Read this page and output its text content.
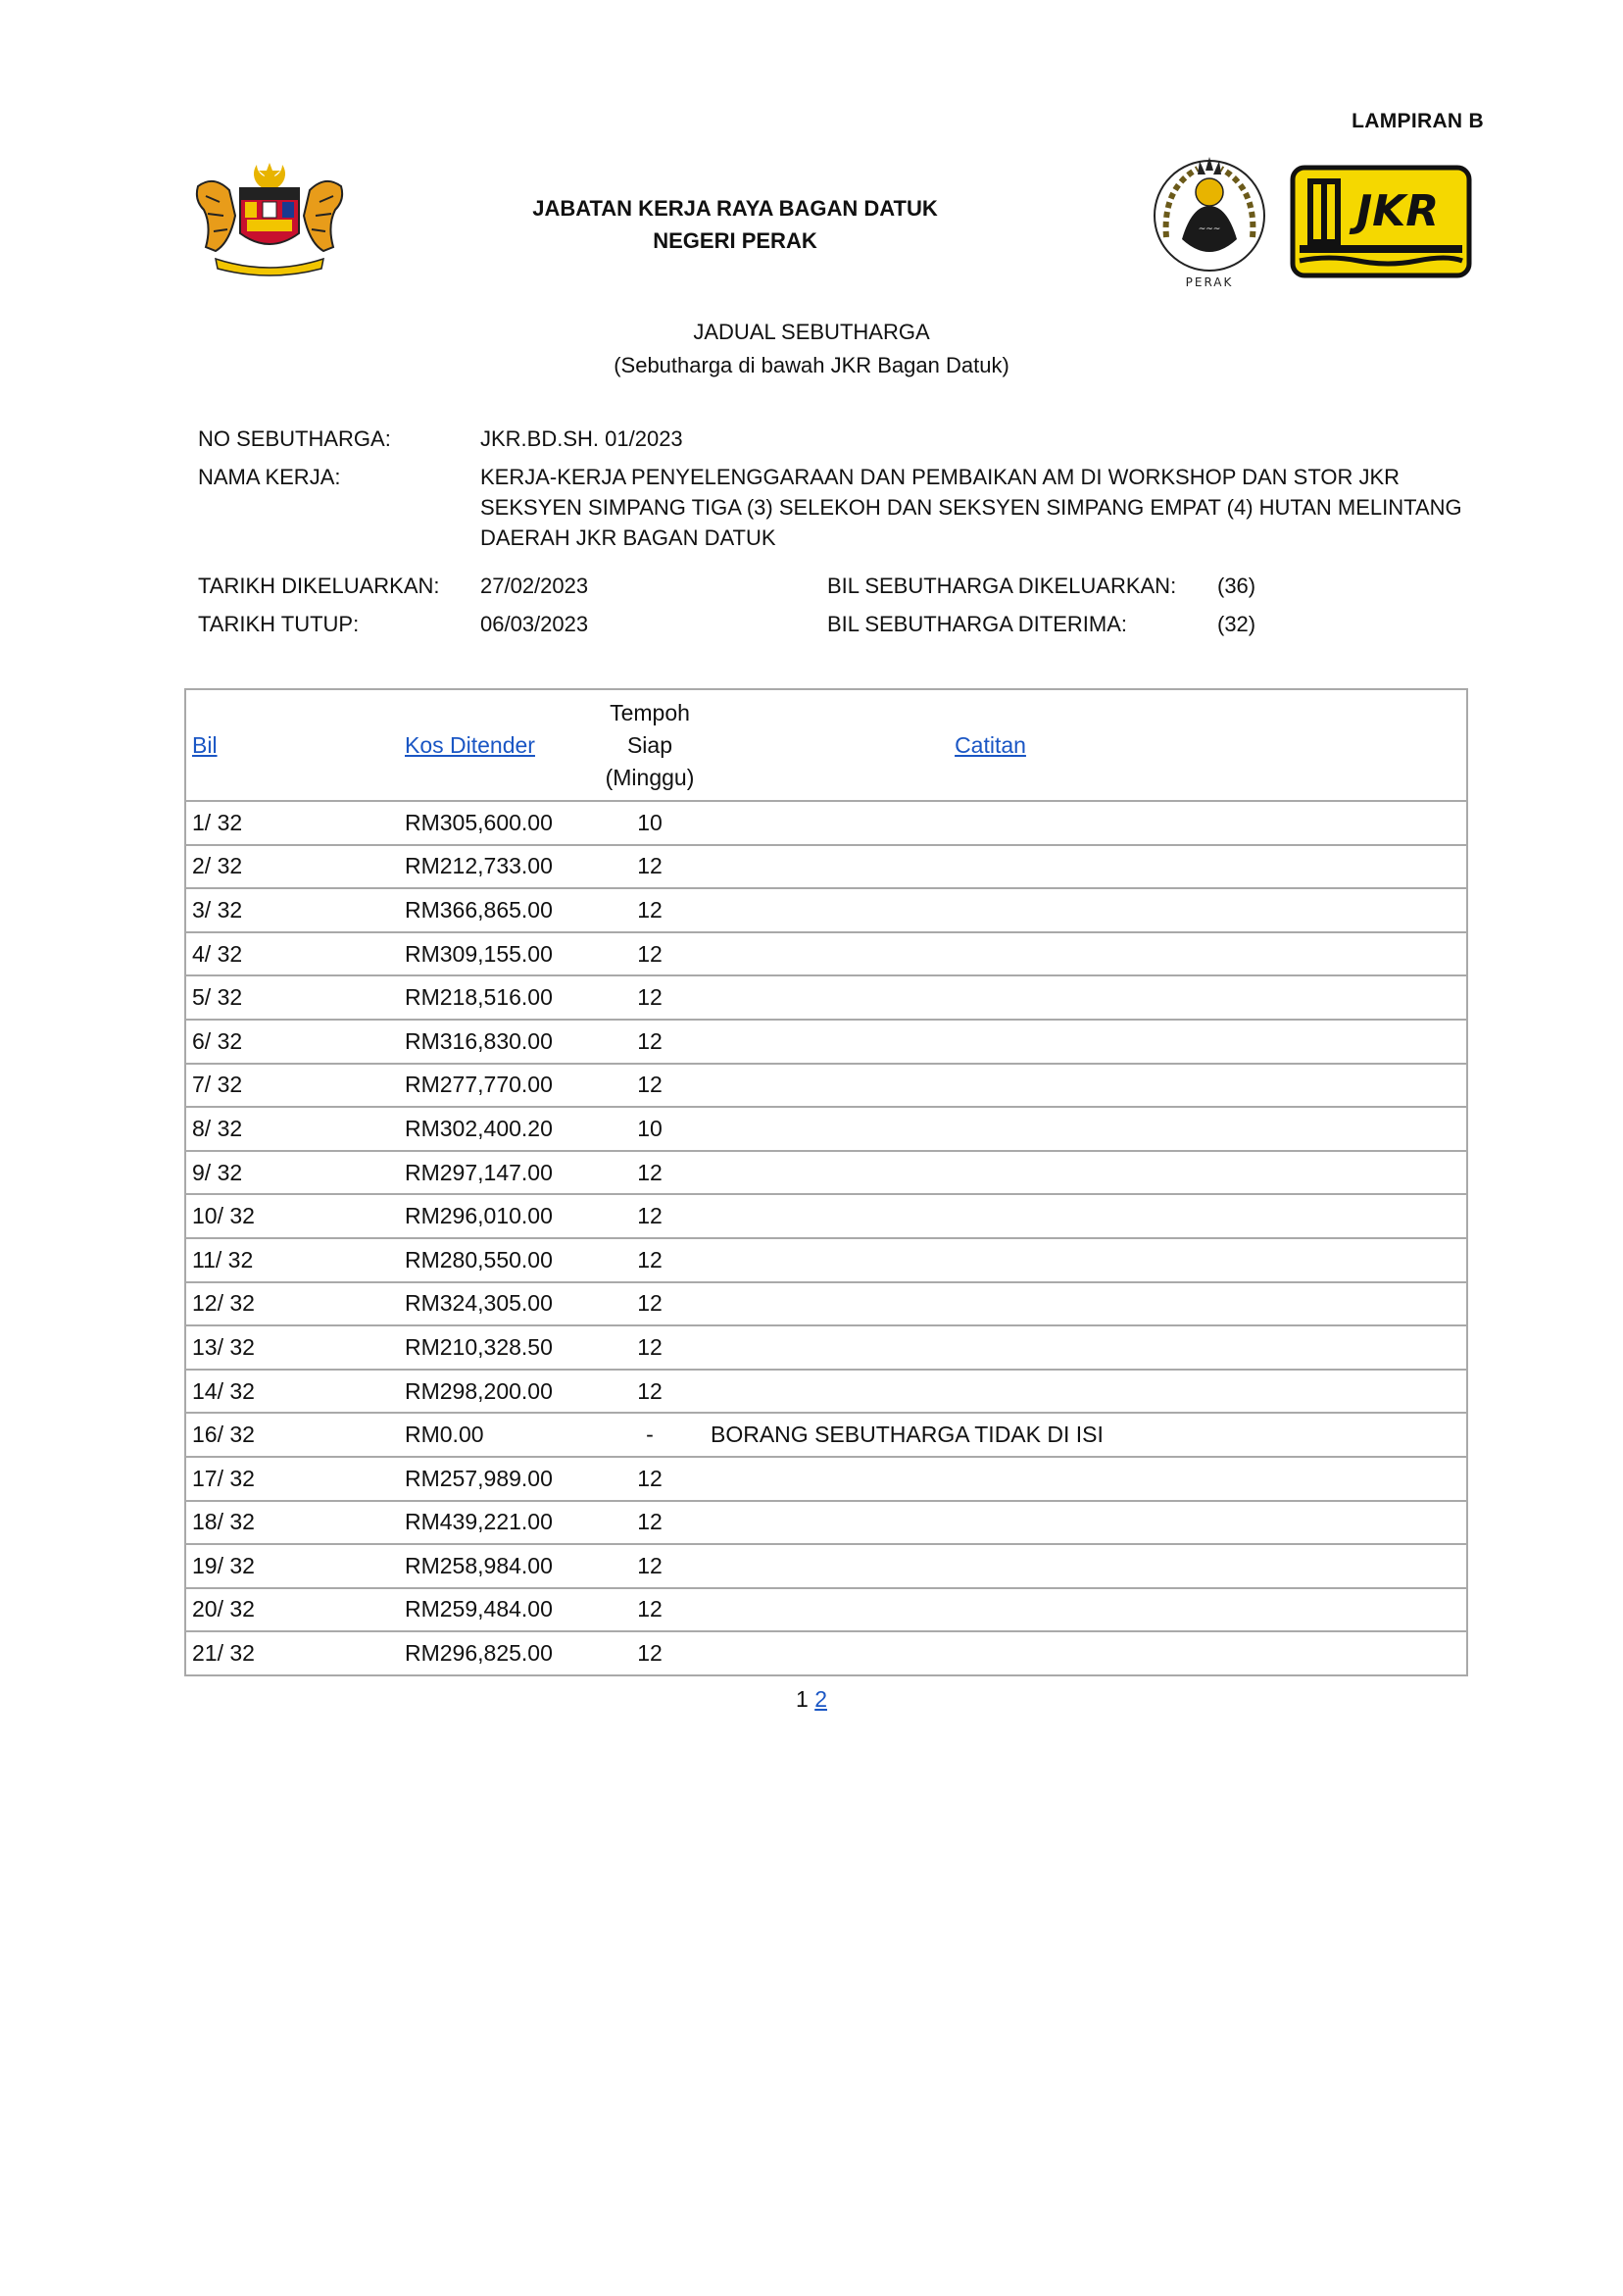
LAMPIRAN B
JABATAN KERJA RAYA BAGAN DATUK
NEGERI PERAK	~~~
PERAK
JKR
JADUAL SEBUTHARGA
(Sebutharga di bawah JKR Bagan Datuk)
NO SEBUTHARGA:	JKR.BD.SH. 01/2023
NAMA KERJA:	KERJA-KERJA PENYELENGGARAAN DAN PEMBAIKAN AM DI WORKSHOP DAN STOR JKR SEKSYEN SIMPANG TIGA (3) SELEKOH DAN SEKSYEN SIMPANG EMPAT (4) HUTAN MELINTANG DAERAH JKR BAGAN DATUK
TARIKH DIKELUARKAN: 27/02/2023	BIL SEBUTHARGA DIKELUARKAN: (36)
TARIKH TUTUP:	06/03/2023	BIL SEBUTHARGA DITERIMA:	(32)
Bil	Kos Ditender	Tempoh
Siap
(Minggu)	Catitan
1/ 32	RM305,600.00	10	
2/ 32	RM212,733.00	12	
3/ 32	RM366,865.00	12	
4/ 32	RM309,155.00	12	
5/ 32	RM218,516.00	12	
6/ 32	RM316,830.00	12	
7/ 32	RM277,770.00	12	
8/ 32	RM302,400.20	10	
9/ 32	RM297,147.00	12	
10/ 32	RM296,010.00	12	
11/ 32	RM280,550.00	12	
12/ 32	RM324,305.00	12	
13/ 32	RM210,328.50	12	
14/ 32	RM298,200.00	12	
16/ 32	RM0.00	-	BORANG SEBUTHARGA TIDAK DI ISI
17/ 32	RM257,989.00	12	
18/ 32	RM439,221.00	12	
19/ 32	RM258,984.00	12	
20/ 32	RM259,484.00	12	
21/ 32	RM296,825.00	12	
1 2
